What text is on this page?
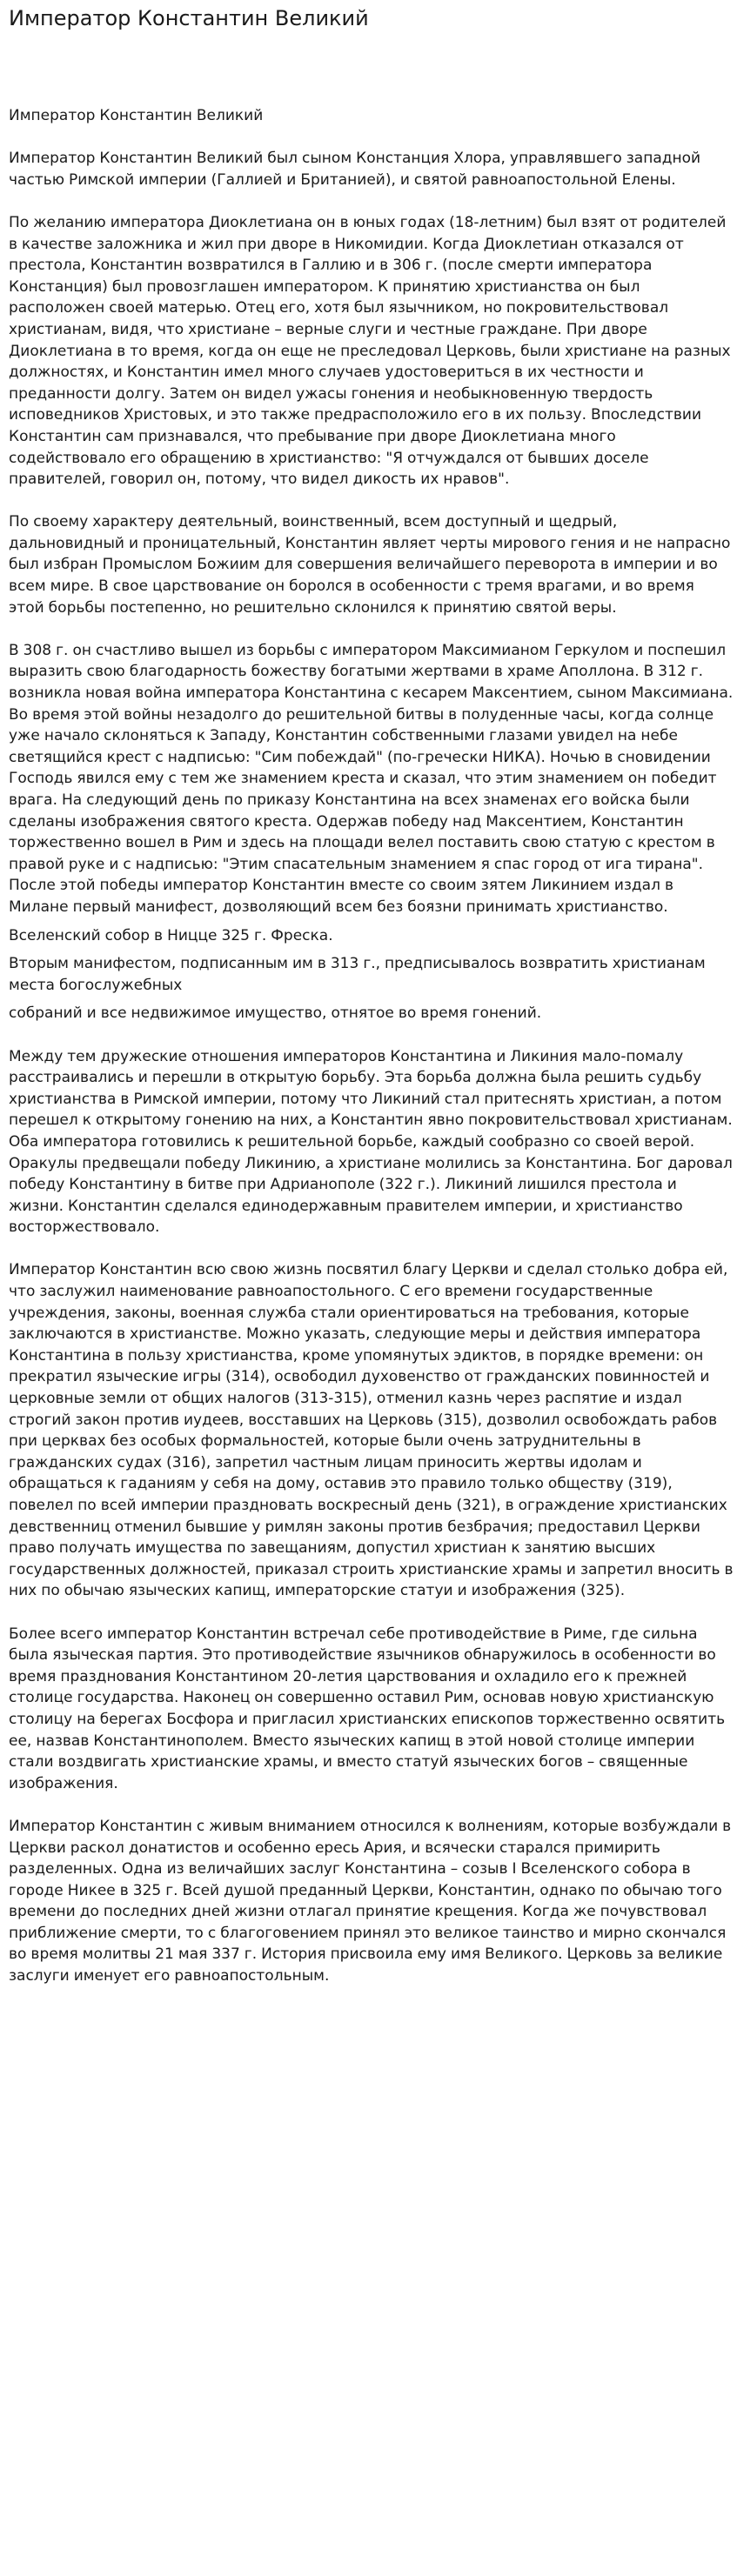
Император Константин Великий

Император Константин Великий

Император Константин Великий был сыном Констанция Хлора, управлявшего западной частью Римской империи (Галлией и Британией), и святой равноапостольной Елены.

По желанию императора Диоклетиана он в юных годах (18-летним) был взят от родителей в качестве заложника и жил при дворе в Никомидии. Когда Диоклетиан отказался от престола, Константин возвратился в Галлию и в 306 г. (после смерти императора Констанция) был провозглашен императором. К принятию христианства он был расположен своей матерью. Отец его, хотя был язычником, но покровительствовал христианам, видя, что христиане – верные слуги и честные граждане. При дворе Диоклетиана в то время, когда он еще не преследовал Церковь, были христиане на разных должностях, и Константин имел много случаев удостовериться в их честности и преданности долгу. Затем он видел ужасы гонения и необыкновенную твердость исповедников Христовых, и это также предрасположило его в их пользу. Впоследствии Константин сам признавался, что пребывание при дворе Диоклетиана много содействовало его обращению в христианство: "Я отчуждался от бывших доселе правителей, говорил он, потому, что видел дикость их нравов".

По своему характеру деятельный, воинственный, всем доступный и щедрый, дальновидный и проницательный, Константин являет черты мирового гения и не напрасно был избран Промыслом Божиим для совершения величайшего переворота в империи и во всем мире. В свое царствование он боролся в особенности с тремя врагами, и во время этой борьбы постепенно, но решительно склонился к принятию святой веры.

В 308 г. он счастливо вышел из борьбы с императором Максимианом Геркулом и поспешил выразить свою благодарность божеству богатыми жертвами в храме Аполлона. В 312 г. возникла новая война императора Константина с кесарем Максентием, сыном Максимиана. Во время этой войны незадолго до решительной битвы в полуденные часы, когда солнце уже начало склоняться к Западу, Константин собственными глазами увидел на небе светящийся крест с надписью: "Сим побеждай" (по-гречески НИКА). Ночью в сновидении Господь явился ему с тем же знамением креста и сказал, что этим знамением он победит врага. На следующий день по приказу Константина на всех знаменах его войска были сделаны изображения святого креста. Одержав победу над Максентием, Константин торжественно вошел в Рим и здесь на площади велел поставить свою статую с крестом в правой руке и с надписью: "Этим спасательным знамением я спас город от ига тирана". После этой победы император Константин вместе со своим зятем Ликинием издал в Милане первый манифест, дозволяющий всем без боязни принимать христианство.

Вселенский собор в Ницце 325 г. Фреска.

Вторым манифестом, подписанным им в 313 г., предписывалось возвратить христианам места богослужебных

собраний и все недвижимое имущество, отнятое во время гонений.

Между тем дружеские отношения императоров Константина и Ликиния мало-помалу расстраивались и перешли в открытую борьбу. Эта борьба должна была решить судьбу христианства в Римской империи, потому что Ликиний стал притеснять христиан, а потом перешел к открытому гонению на них, а Константин явно покровительствовал христианам. Оба императора готовились к решительной борьбе, каждый сообразно со своей верой. Оракулы предвещали победу Ликинию, а христиане молились за Константина. Бог даровал победу Константину в битве при Адрианополе (322 г.). Ликиний лишился престола и жизни. Константин сделался единодержавным правителем империи, и христианство восторжествовало.

Император Константин всю свою жизнь посвятил благу Церкви и сделал столько добра ей, что заслужил наименование равноапостольного. С его времени государственные учреждения, законы, военная служба стали ориентироваться на требования, которые заключаются в христианстве. Можно указать, следующие меры и действия императора Константина в пользу христианства, кроме упомянутых эдиктов, в порядке времени: он прекратил языческие игры (314), освободил духовенство от гражданских повинностей и церковные земли от общих налогов (313-315), отменил казнь через распятие и издал строгий закон против иудеев, восставших на Церковь (315), дозволил освобождать рабов при церквах без особых формальностей, которые были очень затруднительны в гражданских судах (316), запретил частным лицам приносить жертвы идолам и обращаться к гаданиям у себя на дому, оставив это правило только обществу (319), повелел по всей империи праздновать воскресный день (321), в ограждение христианских девственниц отменил бывшие у римлян законы против безбрачия; предоставил Церкви право получать имущества по завещаниям, допустил христиан к занятию высших государственных должностей, приказал строить христианские храмы и запретил вносить в них по обычаю языческих капищ, императорские статуи и изображения (325).

Более всего император Константин встречал себе противодействие в Риме, где сильна была языческая партия. Это противодействие язычников обнаружилось в особенности во время празднования Константином 20-летия царствования и охладило его к прежней столице государства. Наконец он совершенно оставил Рим, основав новую христианскую столицу на берегах Босфора и пригласил христианских епископов торжественно освятить ее, назвав Константинополем. Вместо языческих капищ в этой новой столице империи стали воздвигать христианские храмы, и вместо статуй языческих богов – священные изображения.

Император Константин с живым вниманием относился к волнениям, которые возбуждали в Церкви раскол донатистов и особенно ересь Ария, и всячески старался примирить разделенных. Одна из величайших заслуг Константина – созыв I Вселенского собора в городе Никее в 325 г. Всей душой преданный Церкви, Константин, однако по обычаю того времени до последних дней жизни отлагал принятие крещения. Когда же почувствовал приближение смерти, то с благоговением принял это великое таинство и мирно скончался во время молитвы 21 мая 337 г. История присвоила ему имя Великого. Церковь за великие заслуги именует его равноапостольным.
